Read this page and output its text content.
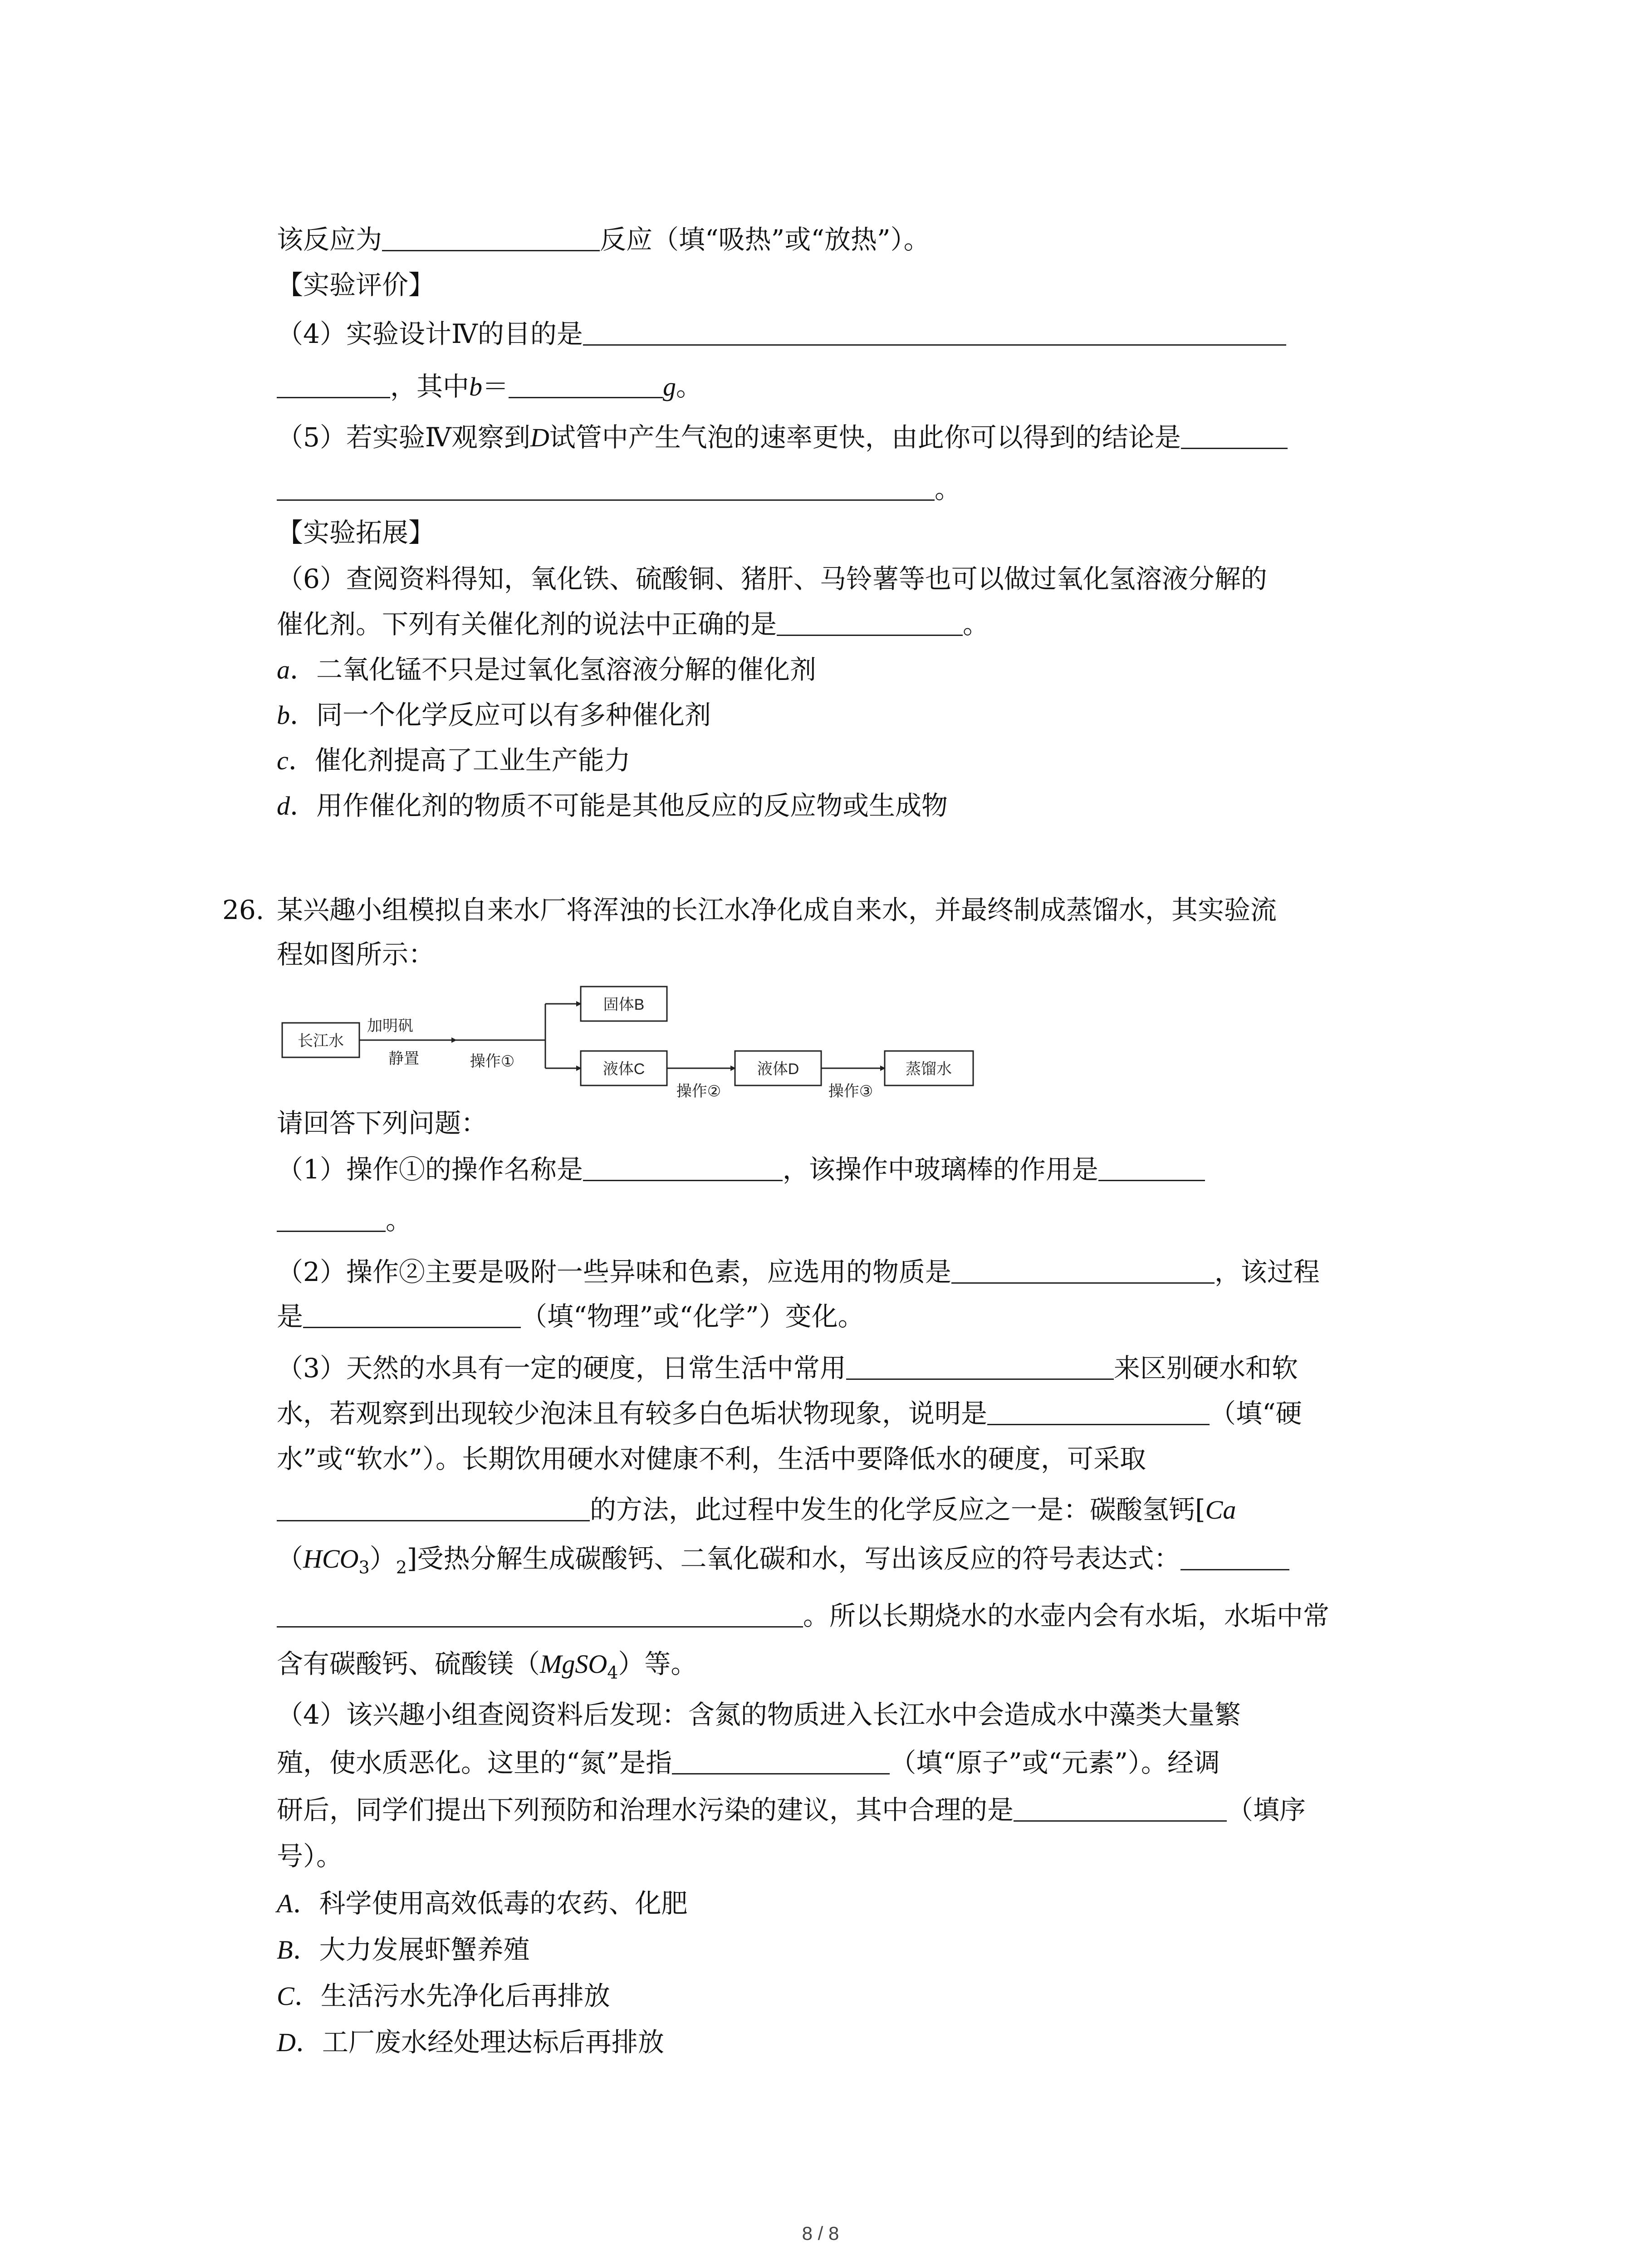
该反应为	反应（填“吸热”或“放热”）。
【实验评价】
（4）实验设计Ⅳ的目的是
，其中b＝	g。
（5）若实验Ⅳ观察到D试管中产生气泡的速率更快，由此你可以得到的结论是
。
【实验拓展】
（6）查阅资料得知，氧化铁、硫酸铜、猪肝、马铃薯等也可以做过氧化氢溶液分解的
催化剂。下列有关催化剂的说法中正确的是	。
a．二氧化锰不只是过氧化氢溶液分解的催化剂
b．同一个化学反应可以有多种催化剂
c．催化剂提高了工业生产能力
d．用作催化剂的物质不可能是其他反应的反应物或生成物
26. 某兴趣小组模拟自来水厂将浑浊的长江水净化成自来水，并最终制成蒸馏水，其实验流
程如图所示：
长江水
固体B
液体C	液体D	蒸馏水
加明矾
静置	操作①
操作②	操作③
请回答下列问题：
（1）操作①的操作名称是	，该操作中玻璃棒的作用是
。
（2）操作②主要是吸附一些异味和色素，应选用的物质是	，该过程
是	（填“物理”或“化学”）变化。
（3）天然的水具有一定的硬度，日常生活中常用	来区别硬水和软
水，若观察到出现较少泡沫且有较多白色垢状物现象，说明是	（填“硬
水”或“软水”）。长期饮用硬水对健康不利，生活中要降低水的硬度，可采取
的方法，此过程中发生的化学反应之一是：碳酸氢钙[Ca
$(HCO_3)_2$]受热分解生成碳酸钙、二氧化碳和水，写出该反应的符号表达式：
。所以长期烧水的水壶内会有水垢，水垢中常
含有碳酸钙、硫酸镁（MgSO$_4$）等。
（4）该兴趣小组查阅资料后发现：含氮的物质进入长江水中会造成水中藻类大量繁
殖，使水质恶化。这里的“氮”是指	（填“原子”或“元素”）。经调
研后，同学们提出下列预防和治理水污染的建议，其中合理的是	（填序
号）。
A．科学使用高效低毒的农药、化肥
B．大力发展虾蟹养殖
C．生活污水先净化后再排放
D．工厂废水经处理达标后再排放
8 / 8
